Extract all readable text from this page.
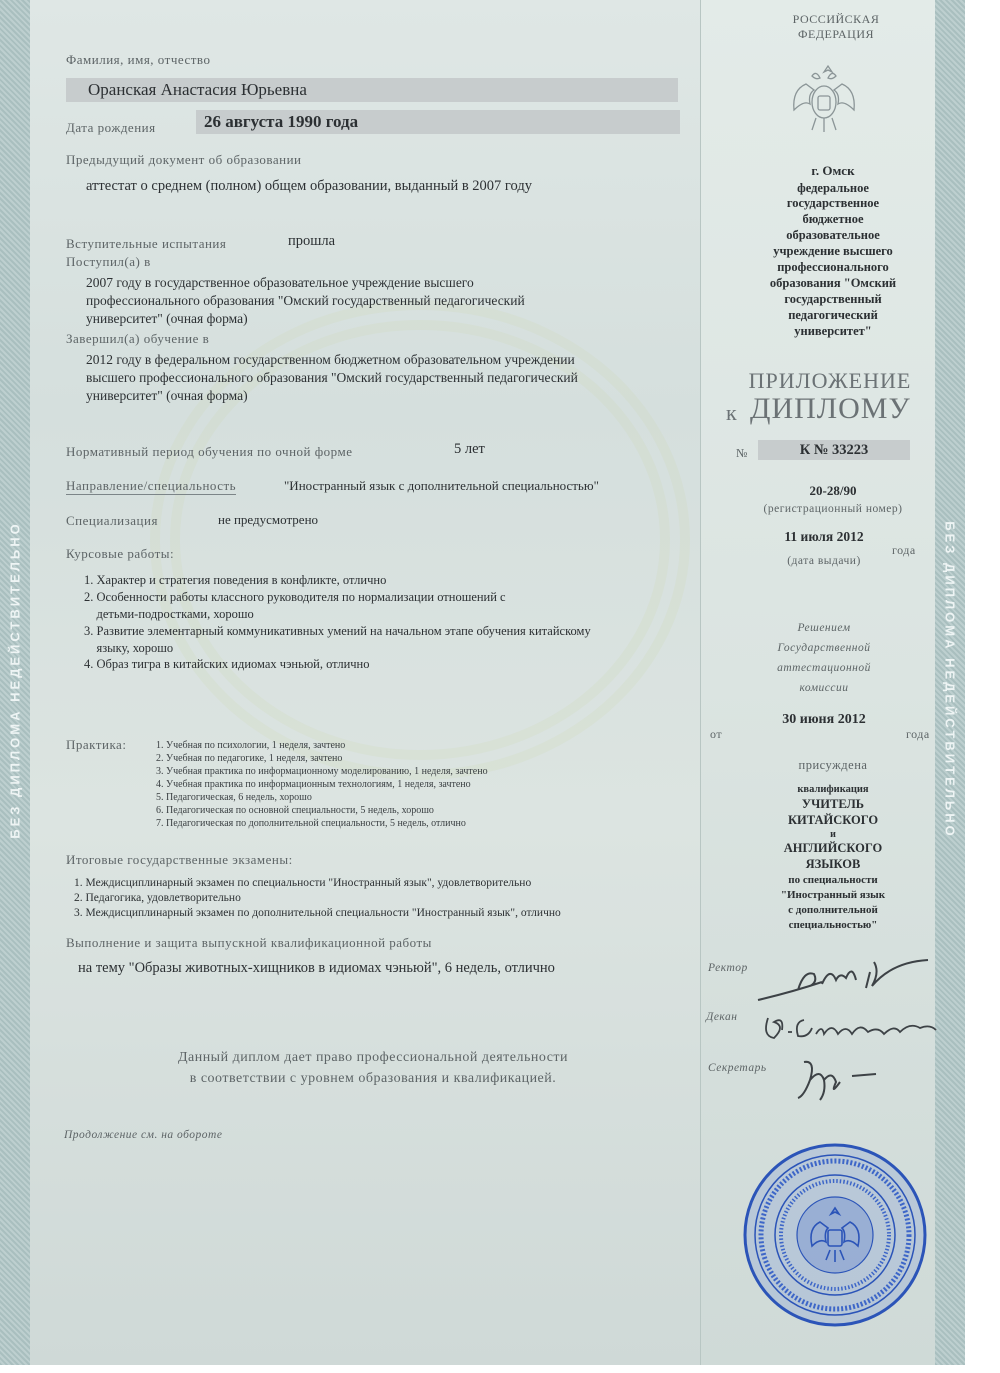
БЕЗ ДИПЛОМА НЕДЕЙСТВИТЕЛЬНО	БЕЗ ДИПЛОМА НЕДЕЙСТВИТЕЛЬНО
Фамилия, имя, отчество
Оранская Анастасия Юрьевна
Дата рождения	26 августа 1990 года
Предыдущий документ об образовании
аттестат о среднем (полном) общем образовании, выданный в 2007 году
Вступительные испытания	прошла
Поступил(а) в
2007 году в государственное образовательное учреждение высшего
профессионального образования "Омский государственный педагогический
университет" (очная форма)
Завершил(а) обучение в
2012 году в федеральном государственном бюджетном образовательном учреждении
высшего профессионального образования "Омский государственный педагогический
университет" (очная форма)
Нормативный период обучения по очной форме	5 лет
Направление/специальность	"Иностранный язык с дополнительной специальностью"
Специализация	не предусмотрено
Курсовые работы:
1. Характер и стратегия поведения в конфликте, отлично
2. Особенности работы классного руководителя по нормализации отношений с
детьми-подростками, хорошо
3. Развитие элементарный коммуникативных умений на начальном этапе обучения китайскому
языку, хорошо
4. Образ тигра в китайских идиомах чэньюй, отлично
Практика:	1. Учебная по психологии, 1 неделя, зачтено
2. Учебная по педагогике, 1 неделя, зачтено
3. Учебная практика по информационному моделированию, 1 неделя, зачтено
4. Учебная практика по информационным технологиям, 1 неделя, зачтено
5. Педагогическая, 6 недель, хорошо
6. Педагогическая по основной специальности, 5 недель, хорошо
7. Педагогическая по дополнительной специальности, 5 недель, отлично
Итоговые государственные экзамены:
1. Междисциплинарный экзамен по специальности "Иностранный язык", удовлетворительно
2. Педагогика, удовлетворительно
3. Междисциплинарный экзамен по дополнительной специальности "Иностранный язык", отлично
Выполнение и защита выпускной квалификационной работы
на тему "Образы животных-хищников в идиомах чэньюй", 6 недель, отлично
Данный диплом дает право профессиональной деятельности
в соответствии с уровнем образования и квалификацией.
Продолжение см. на обороте
РОССИЙСКАЯ
ФЕДЕРАЦИЯ
г. Омск
федеральное
государственное
бюджетное
образовательное
учреждение высшего
профессионального
образования "Омский
государственный
педагогический
университет"
ПРИЛОЖЕНИЕ
к ДИПЛОМУ
№	К № 33223
20-28/90
(регистрационный номер)
11 июля 2012
года
(дата выдачи)
Решением
Государственной
аттестационной
комиссии
от
30 июня 2012
года
присуждена
квалификация
УЧИТЕЛЬ
КИТАЙСКОГО
и
АНГЛИЙСКОГО
ЯЗЫКОВ
по специальности
"Иностранный язык
с дополнительной
специальностью"
Ректор
Декан
Секретарь
